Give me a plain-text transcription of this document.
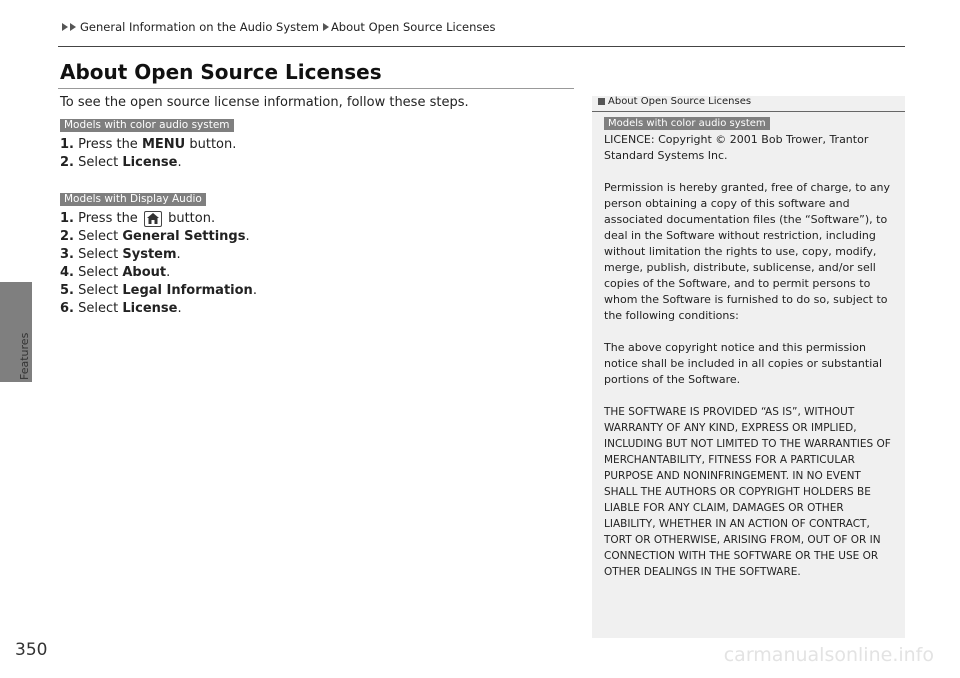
General Information on the Audio System About Open Source Licenses
Features
About Open Source Licenses
To see the open source license information, follow these steps.
Models with color audio system
1. Press the MENU button.
2. Select License.
Models with Display Audio
1. Press the
button.
2. Select General Settings.
3. Select System.
4. Select About.
5. Select Legal Information.
6. Select License.
About Open Source Licenses
Models with color audio system

LICENCE: Copyright © 2001 Bob Trower, Trantor Standard Systems Inc.

Permission is hereby granted, free of charge, to any person obtaining a copy of this software and associated documentation files (the “Software”), to deal in the Software without restriction, including without limitation the rights to use, copy, modify, merge, publish, distribute, sublicense, and/or sell copies of the Software, and to permit persons to whom the Software is furnished to do so, subject to the following conditions:

The above copyright notice and this permission notice shall be included in all copies or substantial portions of the Software.

THE SOFTWARE IS PROVIDED “AS IS”, WITHOUT WARRANTY OF ANY KIND, EXPRESS OR IMPLIED, INCLUDING BUT NOT LIMITED TO THE WARRANTIES OF MERCHANTABILITY, FITNESS FOR A PARTICULAR PURPOSE AND NONINFRINGEMENT. IN NO EVENT SHALL THE AUTHORS OR COPYRIGHT HOLDERS BE LIABLE FOR ANY CLAIM, DAMAGES OR OTHER LIABILITY, WHETHER IN AN ACTION OF CONTRACT, TORT OR OTHERWISE, ARISING FROM, OUT OF OR IN CONNECTION WITH THE SOFTWARE OR THE USE OR OTHER DEALINGS IN THE SOFTWARE.

350	carmanualsonline.info
